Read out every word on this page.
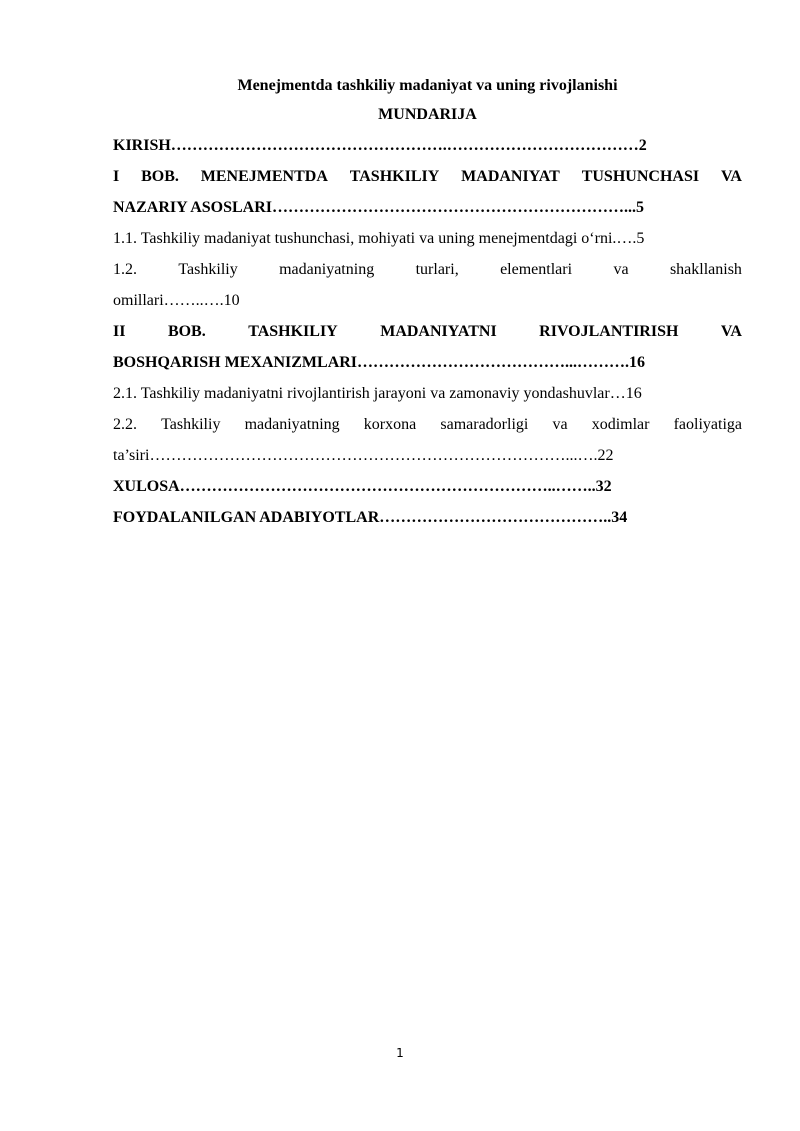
Menejmentda tashkiliy madaniyat va uning rivojlanishi

MUNDARIJA

KIRISH…………………………………………….………………………………2
I BOB. MENEJMENTDA TASHKILIY MADANIYAT TUSHUNCHASI VA
NAZARIY ASOSLARI…………………………………………………………...5
1.1. Tashkiliy madaniyat tushunchasi, mohiyati va uning menejmentdagi o‘rni.….5
1.2.	Tashkiliy	madaniyatning	turlari,	elementlari	va	shakllanish
omillari……..….10
II	BOB.	TASHKILIY	MADANIYATNI	RIVOJLANTIRISH	VA
BOSHQARISH MEXANIZMLARI…………………………………...……….16
2.1. Tashkiliy madaniyatni rivojlantirish jarayoni va zamonaviy yondashuvlar…16
2.2. Tashkiliy madaniyatning korxona samaradorligi va xodimlar faoliyatiga
ta’siri……………………………………………………………………...….22
XULOSA……………………………………………………………..……..32
FOYDALANILGAN ADABIYOTLAR……………………………………..34
1
